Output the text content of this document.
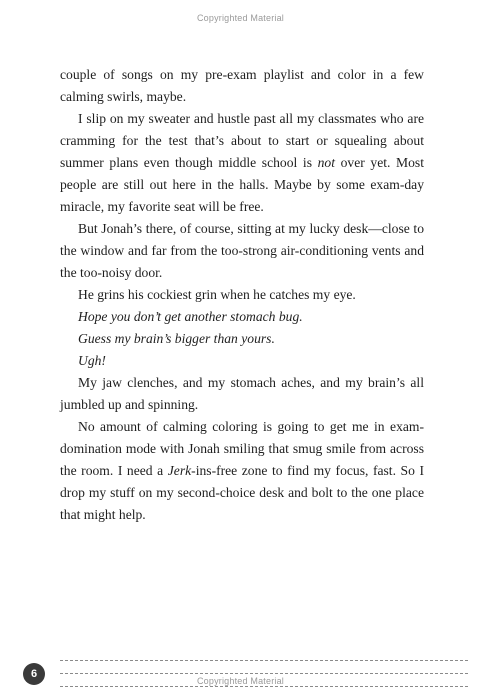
Copyrighted Material

couple of songs on my pre-exam playlist and color in a few calming swirls, maybe.

I slip on my sweater and hustle past all my classmates who are cramming for the test that’s about to start or squealing about summer plans even though middle school is not over yet. Most people are still out here in the halls. Maybe by some exam-day miracle, my favorite seat will be free.

But Jonah’s there, of course, sitting at my lucky desk—close to the window and far from the too-strong air-conditioning vents and the too-noisy door.

He grins his cockiest grin when he catches my eye.

Hope you don’t get another stomach bug.

Guess my brain’s bigger than yours.

Ugh!

My jaw clenches, and my stomach aches, and my brain’s all jumbled up and spinning.

No amount of calming coloring is going to get me in exam-domination mode with Jonah smiling that smug smile from across the room. I need a Jerk-ins-free zone to find my focus, fast. So I drop my stuff on my second-choice desk and bolt to the one place that might help.

6
Copyrighted Material
